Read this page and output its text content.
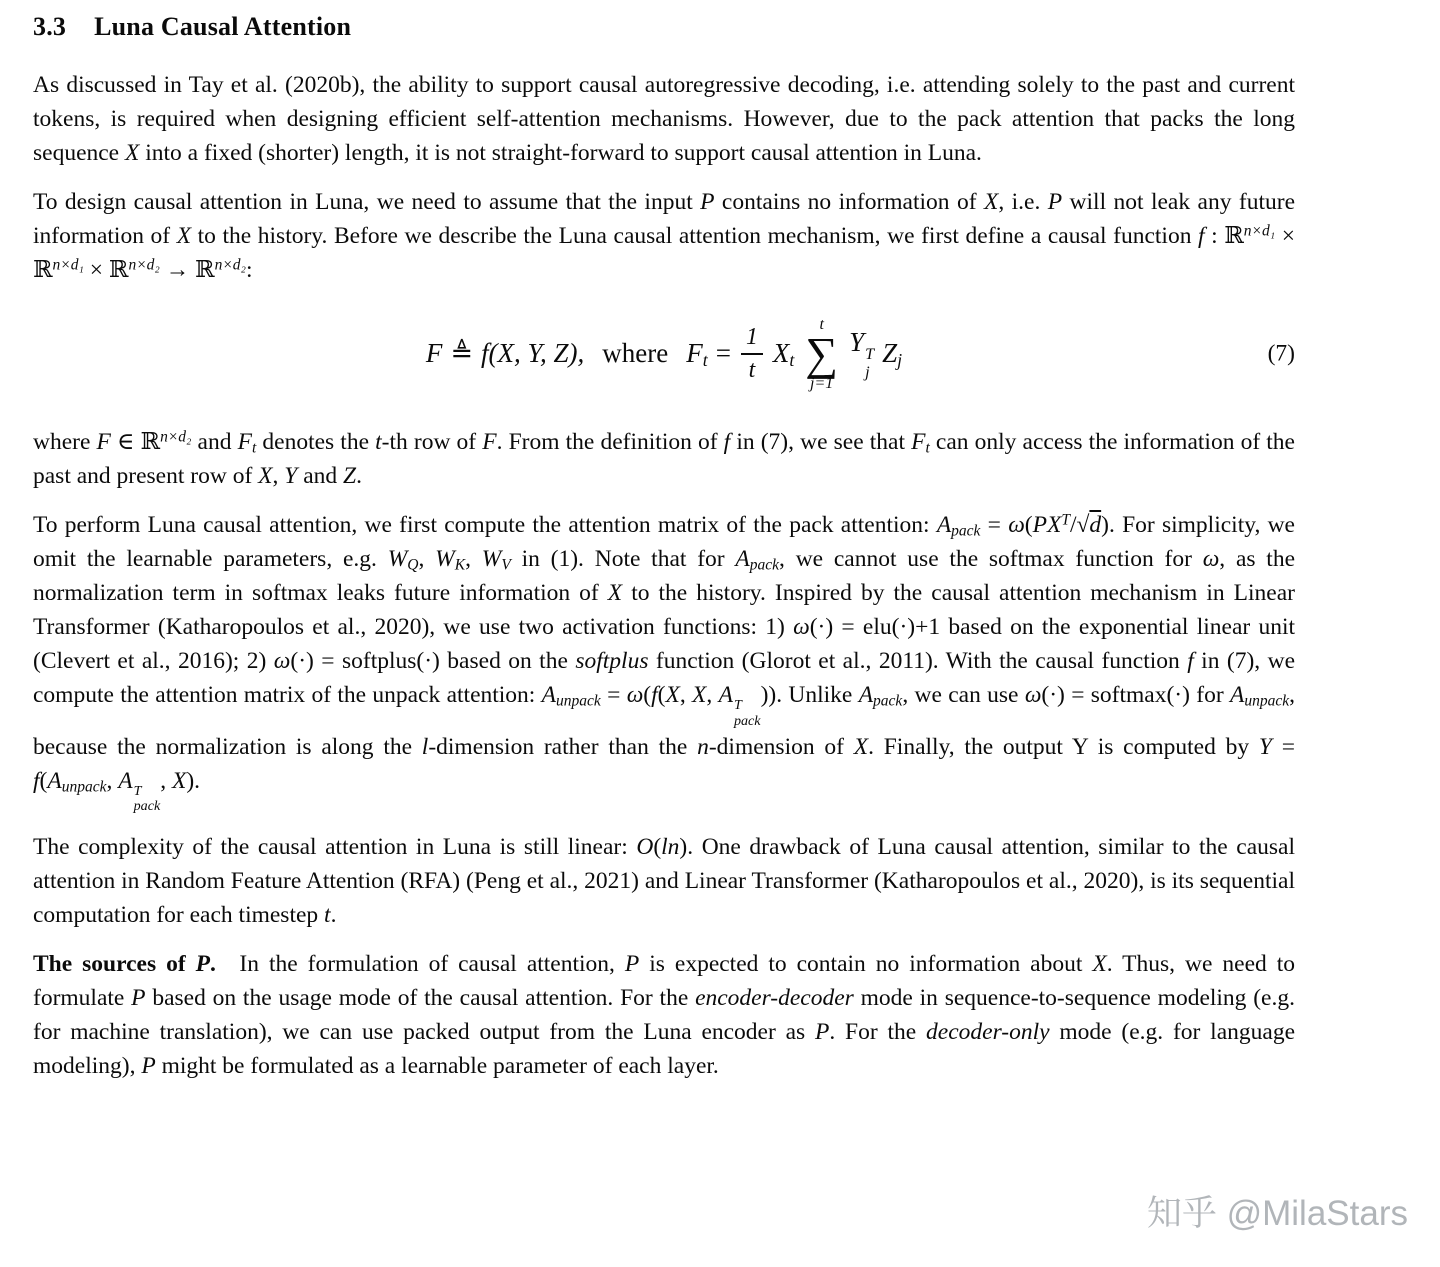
3.3 Luna Causal Attention

As discussed in Tay et al. (2020b), the ability to support causal autoregressive decoding, i.e. attending solely to the past and current tokens, is required when designing efficient self-attention mechanisms. However, due to the pack attention that packs the long sequence X into a fixed (shorter) length, it is not straight-forward to support causal attention in Luna.

To design causal attention in Luna, we need to assume that the input P contains no information of X, i.e. P will not leak any future information of X to the history. Before we describe the Luna causal attention mechanism, we first define a causal function f : ℝ$^{n\times d_1}$ × ℝ$^{n\times d_1}$ × ℝ$^{n\times d_2}$ → ℝ$^{n\times d_2}$:

F ≜ f(X, Y, Z), where $F_t = \frac{1}{t} X_t$
t
∑
j=1
Y T
j
$Z_j$	(7)

where F ∈ ℝ$^{n\times d_2}$ and $F_t$ denotes the t-th row of F. From the definition of f in (7), we see that $F_t$ can only access the information of the past and present row of X, Y and Z.

To perform Luna causal attention, we first compute the attention matrix of the pack attention: $A_{pack} = \omega(PX^T/√d)$. For simplicity, we omit the learnable parameters, e.g. $W_Q$, $W_K$, $W_V$ in (1). Note that for $A_{pack}$, we cannot use the softmax function for ω, as the normalization term in softmax leaks future information of X to the history. Inspired by the causal attention mechanism in Linear Transformer (Katharopoulos et al., 2020), we use two activation functions: 1) ω(·) = elu(·)+1 based on the exponential linear unit (Clevert et al., 2016); 2) ω(·) = softplus(·) based on the softplus function (Glorot et al., 2011). With the causal function f in (7), we compute the attention matrix of the unpack attention: $A_{unpack} = \omega(f(X$, X, A T
pack
)). Unlike $A_{pack}$, we can use ω(·) = softmax(·) for $A_{unpack}$, because the normalization is along the l-dimension rather than the n-dimension of X. Finally, the output Y is computed by $Y = f(A_{unpack}$, A T
pack
, X).

The complexity of the causal attention in Luna is still linear: O(ln). One drawback of Luna causal attention, similar to the causal attention in Random Feature Attention (RFA) (Peng et al., 2021) and Linear Transformer (Katharopoulos et al., 2020), is its sequential computation for each timestep t.

The sources of P. In the formulation of causal attention, P is expected to contain no information about X. Thus, we need to formulate P based on the usage mode of the causal attention. For the encoder-decoder mode in sequence-to-sequence modeling (e.g. for machine translation), we can use packed output from the Luna encoder as P. For the decoder-only mode (e.g. for language modeling), P might be formulated as a learnable parameter of each layer.

知乎 @MilaStars
